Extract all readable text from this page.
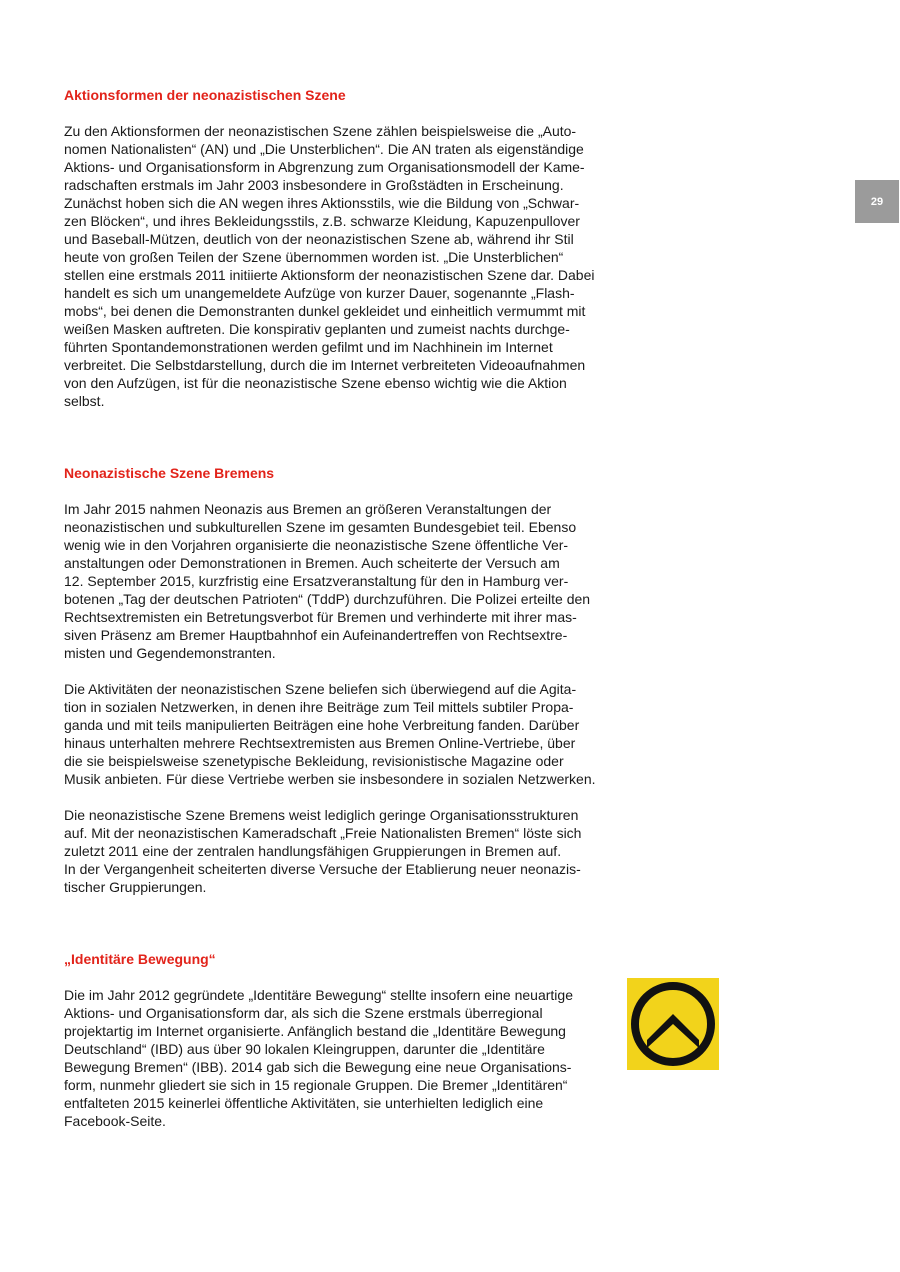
29
Aktionsformen der neonazistischen Szene

Zu den Aktionsformen der neonazistischen Szene zählen beispielsweise die „Auto-
nomen Nationalisten“ (AN) und „Die Unsterblichen“. Die AN traten als eigenständige
Aktions- und Organisationsform in Abgrenzung zum Organisationsmodell der Kame-
radschaften erstmals im Jahr 2003 insbesondere in Großstädten in Erscheinung.
Zunächst hoben sich die AN wegen ihres Aktionsstils, wie die Bildung von „Schwar-
zen Blöcken“, und ihres Bekleidungsstils, z.B. schwarze Kleidung, Kapuzenpullover
und Baseball-Mützen, deutlich von der neonazistischen Szene ab, während ihr Stil
heute von großen Teilen der Szene übernommen worden ist. „Die Unsterblichen“
stellen eine erstmals 2011 initiierte Aktionsform der neonazistischen Szene dar. Dabei
handelt es sich um unangemeldete Aufzüge von kurzer Dauer, sogenannte „Flash-
mobs“, bei denen die Demonstranten dunkel gekleidet und einheitlich vermummt mit
weißen Masken auftreten. Die konspirativ geplanten und zumeist nachts durchge-
führten Spontandemonstrationen werden gefilmt und im Nachhinein im Internet
verbreitet. Die Selbstdarstellung, durch die im Internet verbreiteten Videoaufnahmen
von den Aufzügen, ist für die neonazistische Szene ebenso wichtig wie die Aktion
selbst.

Neonazistische Szene Bremens

Im Jahr 2015 nahmen Neonazis aus Bremen an größeren Veranstaltungen der
neonazistischen und subkulturellen Szene im gesamten Bundesgebiet teil. Ebenso
wenig wie in den Vorjahren organisierte die neonazistische Szene öffentliche Ver-
anstaltungen oder Demonstrationen in Bremen. Auch scheiterte der Versuch am
12. September 2015, kurzfristig eine Ersatzveranstaltung für den in Hamburg ver-
botenen „Tag der deutschen Patrioten“ (TddP) durchzuführen. Die Polizei erteilte den
Rechtsextremisten ein Betretungsverbot für Bremen und verhinderte mit ihrer mas-
siven Präsenz am Bremer Hauptbahnhof ein Aufeinandertreffen von Rechtsextre-
misten und Gegendemonstranten.

Die Aktivitäten der neonazistischen Szene beliefen sich überwiegend auf die Agita-
tion in sozialen Netzwerken, in denen ihre Beiträge zum Teil mittels subtiler Propa-
ganda und mit teils manipulierten Beiträgen eine hohe Verbreitung fanden. Darüber
hinaus unterhalten mehrere Rechtsextremisten aus Bremen Online-Vertriebe, über
die sie beispielsweise szenetypische Bekleidung, revisionistische Magazine oder
Musik anbieten. Für diese Vertriebe werben sie insbesondere in sozialen Netzwerken.

Die neonazistische Szene Bremens weist lediglich geringe Organisationsstrukturen
auf. Mit der neonazistischen Kameradschaft „Freie Nationalisten Bremen“ löste sich
zuletzt 2011 eine der zentralen handlungsfähigen Gruppierungen in Bremen auf.
In der Vergangenheit scheiterten diverse Versuche der Etablierung neuer neonazis-
tischer Gruppierungen.

„Identitäre Bewegung“

Die im Jahr 2012 gegründete „Identitäre Bewegung“ stellte insofern eine neuartige
Aktions- und Organisationsform dar, als sich die Szene erstmals überregional
projektartig im Internet organisierte. Anfänglich bestand die „Identitäre Bewegung
Deutschland“ (IBD) aus über 90 lokalen Kleingruppen, darunter die „Identitäre
Bewegung Bremen“ (IBB). 2014 gab sich die Bewegung eine neue Organisations-
form, nunmehr gliedert sie sich in 15 regionale Gruppen. Die Bremer „Identitären“
entfalteten 2015 keinerlei öffentliche Aktivitäten, sie unterhielten lediglich eine
Facebook-Seite.
